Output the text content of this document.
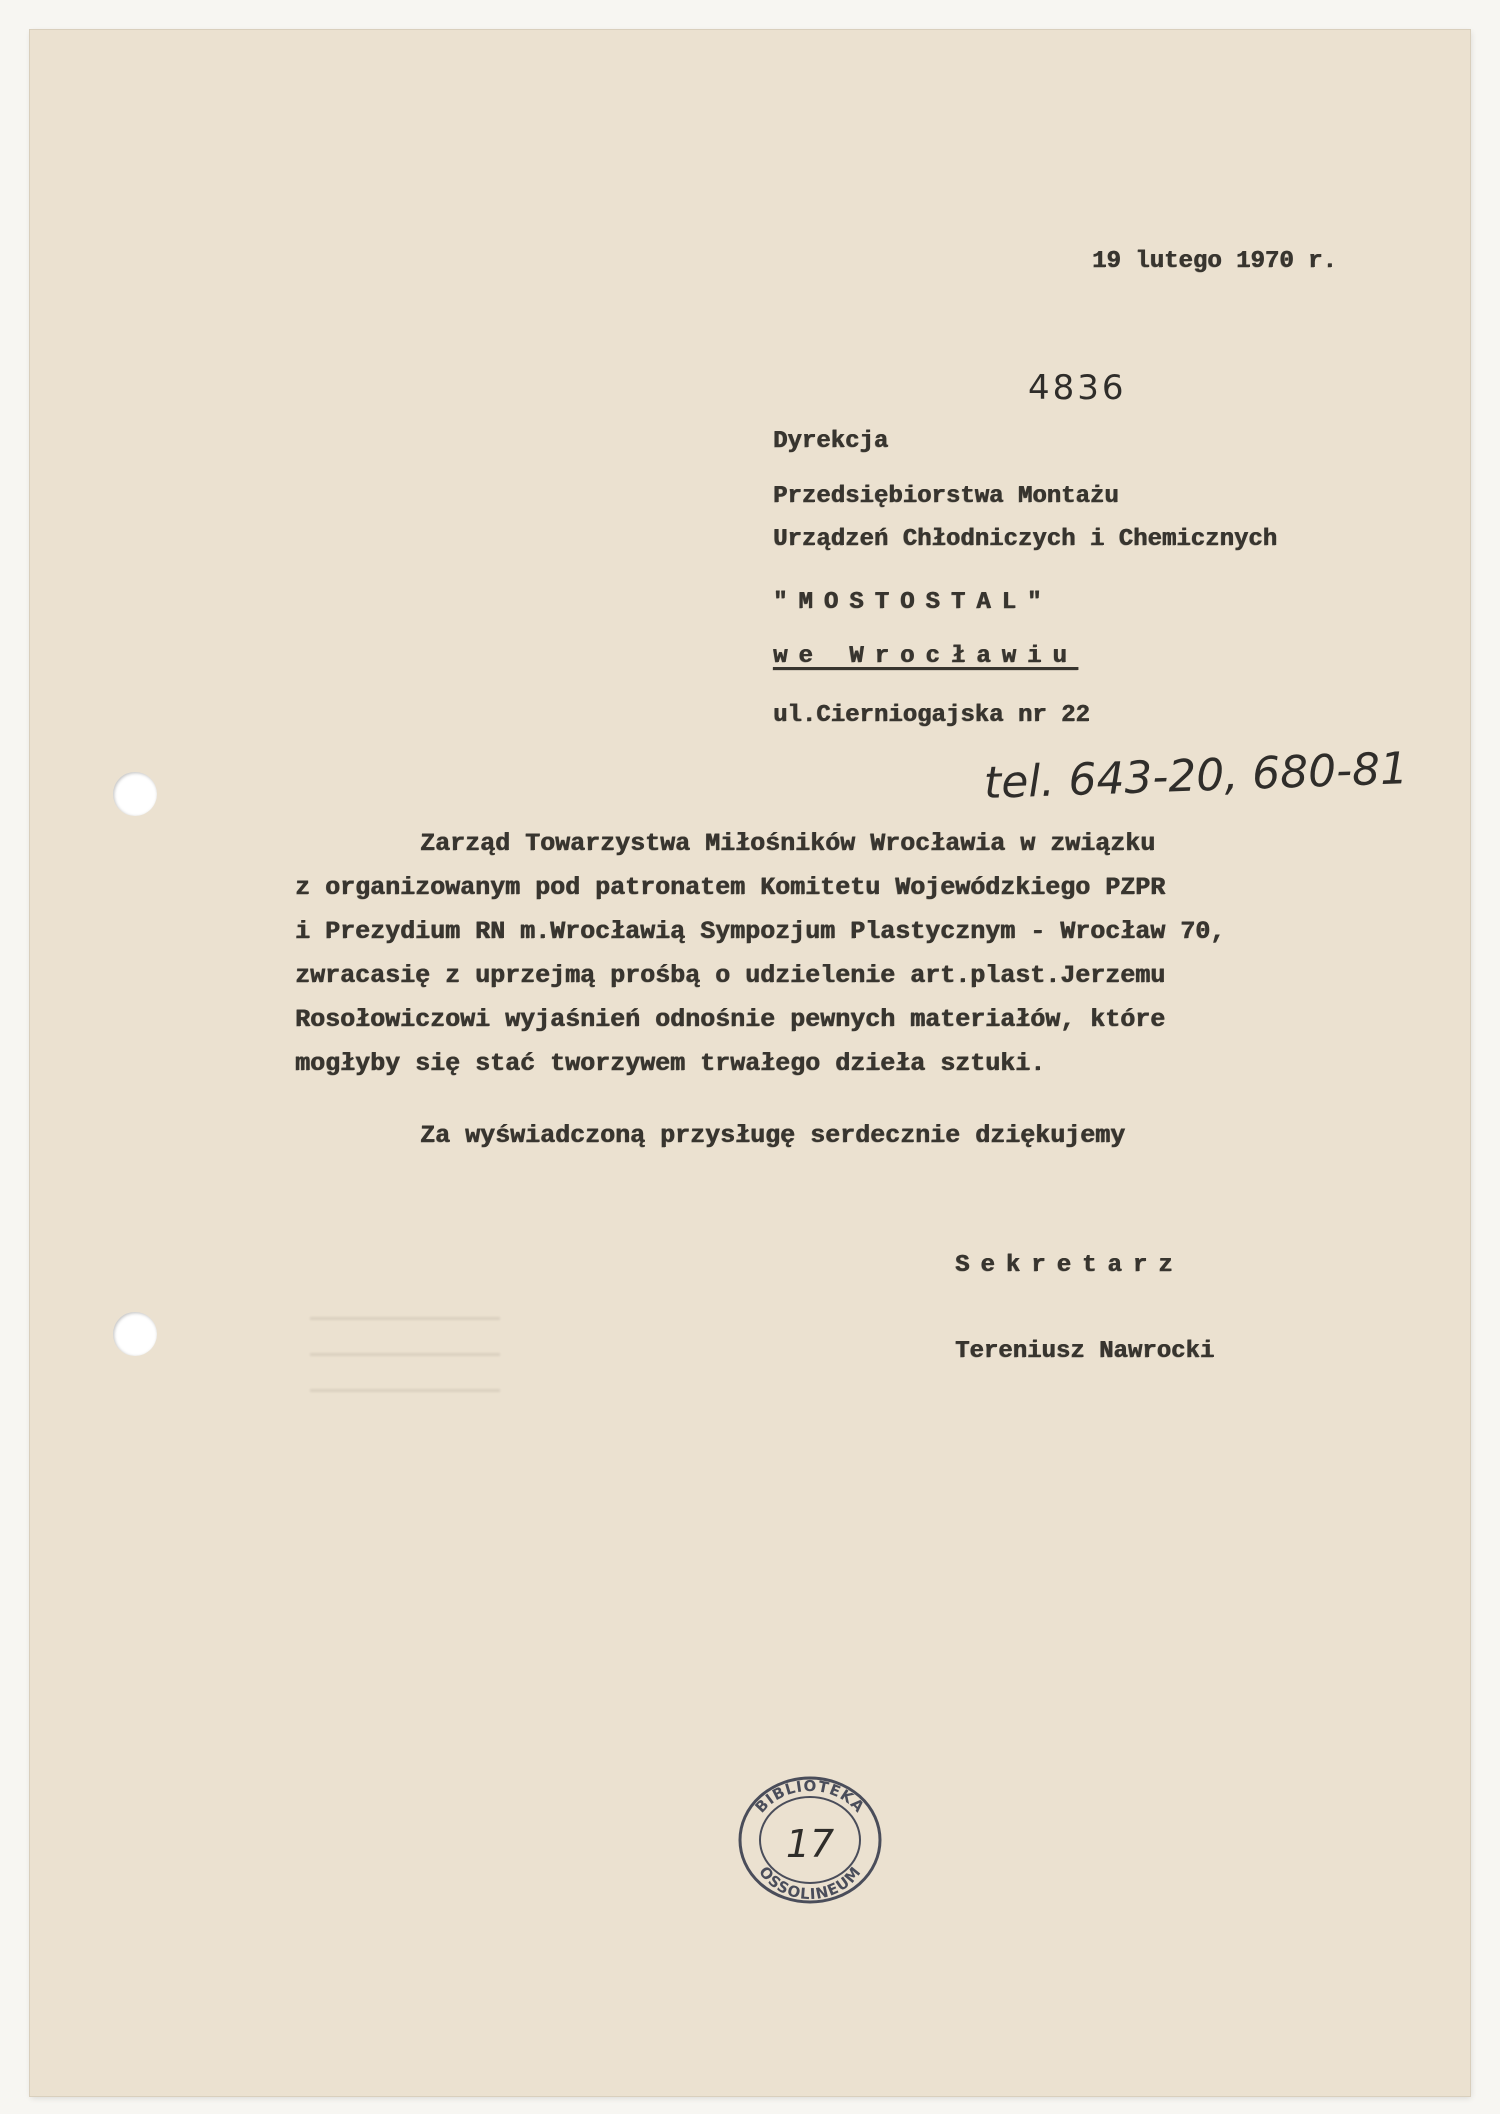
19 lutego 1970 r.
4836
Dyrekcja
Przedsiębiorstwa Montażu
Urządzeń Chłodniczych i Chemicznych
"MOSTOSTAL"
we Wrocławiu
ul.Cierniogajska nr 22
tel. 643-20, 680-81
Zarząd Towarzystwa Miłośników Wrocławia w związku
z organizowanym pod patronatem Komitetu Wojewódzkiego PZPR
i Prezydium RN m.Wrocławią Sympozjum Plastycznym - Wrocław 70,
zwracasię z uprzejmą prośbą o udzielenie art.plast.Jerzemu
Rosołowiczowi wyjaśnień odnośnie pewnych materiałów, które
mogłyby się stać tworzywem trwałego dzieła sztuki.
Za wyświadczoną przysługę serdecznie dziękujemy
Sekretarz
Tereniusz Nawrocki
BIBLIOTEKA
OSSOLINEUM
17
